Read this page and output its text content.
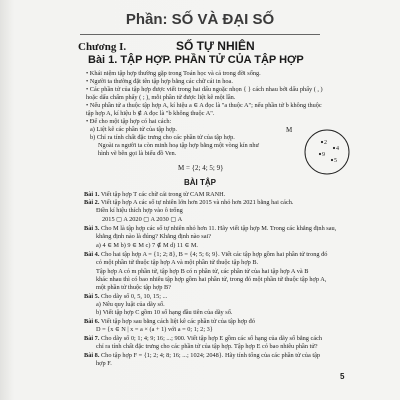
Phần: SỐ VÀ ĐẠI SỐ
Chương I.	SỐ TỰ NHIÊN
Bài 1. TẬP HỢP. PHẦN TỬ CỦA TẬP HỢP
• Khái niệm tập hợp thường gặp trong Toán học và cả trong đời sống.
• Người ta thường đặt tên tập hợp bằng các chữ cái in hoa.
• Các phần tử của tập hợp được viết trong hai dấu ngoặc nhọn { } cách nhau bởi dấu phẩy ( , )
hoặc dấu chấm phẩy ( ; ), mỗi phần tử được liệt kê một lần.
• Nếu phần tử a thuộc tập hợp A, kí hiệu a ∈ A đọc là "a thuộc A"; nếu phần tử b không thuộc
tập hợp A, kí hiệu b ∉ A đọc là "b không thuộc A".
• Để cho một tập hợp có hai cách:
a) Liệt kê các phần tử của tập hợp.
b) Chỉ ra tính chất đặc trưng cho các phần tử của tập hợp.
Ngoài ra người ta còn minh hoạ tập hợp bằng một vòng kín như
hình vẽ bên gọi là biểu đồ Ven.
M = {2; 4; 5; 9}
M
2
4
9
5
BÀI TẬP
Bài 1. Viết tập hợp T các chữ cái trong từ CAM RANH.
Bài 2. Viết tập hợp A các số tự nhiên lớn hơn 2015 và nhỏ hơn 2021 bằng hai cách.
Điền kí hiệu thích hợp vào ô trống
2015 ▢ A 2020 ▢ A 2030 ▢ A
Bài 3. Cho M là tập hợp các số tự nhiên nhỏ hơn 11. Hãy viết tập hợp M. Trong các khẳng định sau,
khẳng định nào là đúng? Khẳng định nào sai?
a) 4 ∈ M b) 9 ∈ M c) 7 ∉ M d) 11 ∈ M.
Bài 4. Cho hai tập hợp A = {1; 2; 8}, B = {4; 5; 6; 9}. Viết các tập hợp gồm hai phần tử trong đó
có một phần tử thuộc tập hợp A và một phần tử thuộc tập hợp B.
Tập hợp A có m phần tử, tập hợp B có n phần tử, các phần tử của hai tập hợp A và B
khác nhau thì có bao nhiêu tập hợp gồm hai phần tử, trong đó một phần tử thuộc tập hợp A,
một phần tử thuộc tập hợp B?
Bài 5. Cho dãy số 0, 5, 10, 15; ...
a) Nêu quy luật của dãy số.
b) Viết tập hợp C gồm 10 số hạng đầu tiên của dãy số.
Bài 6. Viết tập hợp sau bằng cách liệt kê các phần tử của tập hợp đó
D = {x ∈ N | x = a × (a + 1) với a = 0; 1; 2; 3}
Bài 7. Cho dãy số 0; 1; 4; 9; 16; ...; 900. Viết tập hợp E gồm các số hạng của dãy số bằng cách
chỉ ra tính chất đặc trưng cho các phần tử của tập hợp. Tập hợp E có bao nhiêu phần tử?
Bài 8. Cho tập hợp F = {1; 2; 4; 8; 16; ...; 1024; 2048}. Hãy tính tổng của các phần tử của tập
hợp F.
5
